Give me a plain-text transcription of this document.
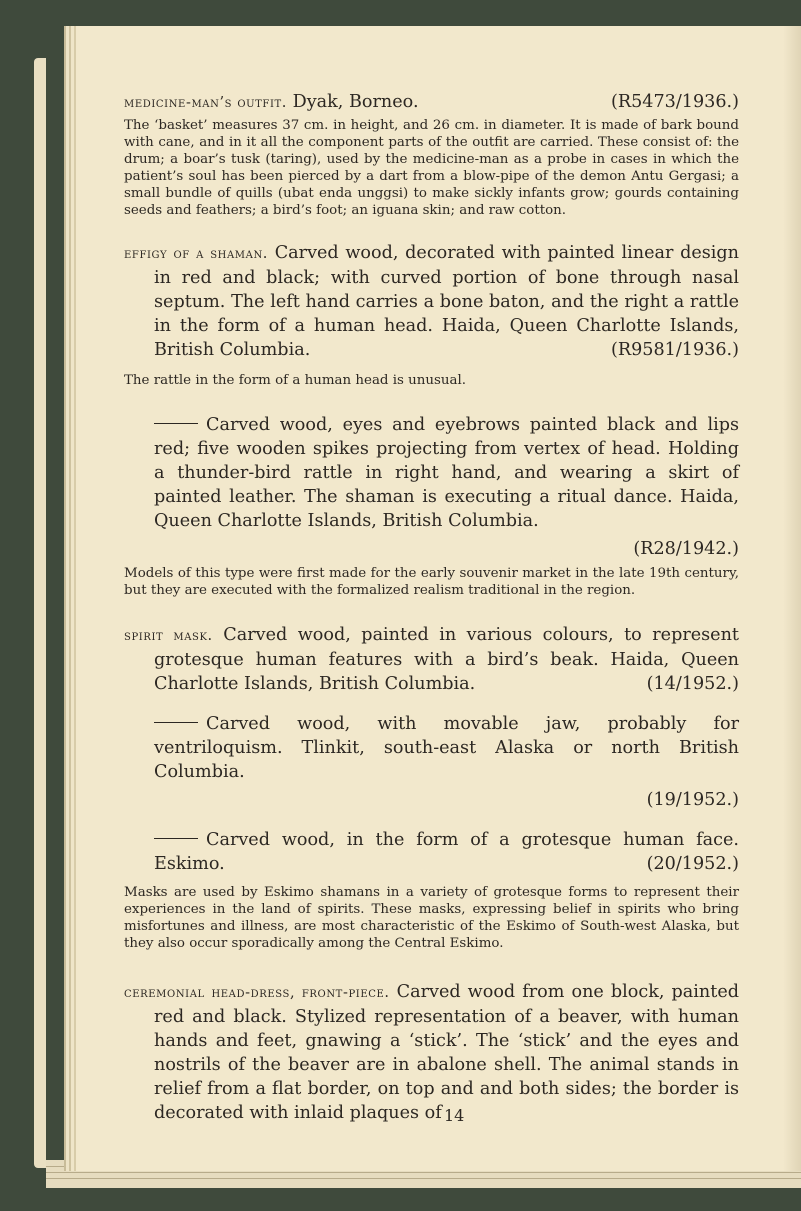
medicine-man’s outfit. Dyak, Borneo.	(R5473/1936.)

The ‘basket’ measures 37 cm. in height, and 26 cm. in diameter. It is made of bark bound with cane, and in it all the component parts of the outfit are carried. These consist of: the drum; a boar’s tusk (taring), used by the medicine-man as a probe in cases in which the patient’s soul has been pierced by a dart from a blow-pipe of the demon Antu Gergasi; a small bundle of quills (ubat enda unggsi) to make sickly infants grow; gourds containing seeds and feathers; a bird’s foot; an iguana skin; and raw cotton.

effigy of a shaman. Carved wood, decorated with painted linear design in red and black; with curved portion of bone through nasal septum. The left hand carries a bone baton, and the right a rattle in the form of a human head. Haida, Queen Charlotte Islands, British Columbia.	(R9581/1936.)

The rattle in the form of a human head is unusual.

Carved wood, eyes and eyebrows painted black and lips red; five wooden spikes projecting from vertex of head. Holding a thunder-bird rattle in right hand, and wearing a skirt of painted leather. The shaman is executing a ritual dance. Haida, Queen Charlotte Islands, British Columbia.

(R28/1942.)

Models of this type were first made for the early souvenir market in the late 19th century, but they are executed with the formalized realism traditional in the region.

spirit mask. Carved wood, painted in various colours, to represent grotesque human features with a bird’s beak. Haida, Queen Charlotte Islands, British Columbia.	(14/1952.)

Carved wood, with movable jaw, probably for ventriloquism. Tlinkit, south-east Alaska or north British Columbia.

(19/1952.)

Carved wood, in the form of a grotesque human face. Eskimo.	(20/1952.)

Masks are used by Eskimo shamans in a variety of grotesque forms to represent their experiences in the land of spirits. These masks, expressing belief in spirits who bring misfortunes and illness, are most characteristic of the Eskimo of South-west Alaska, but they also occur sporadically among the Central Eskimo.

ceremonial head-dress, front-piece. Carved wood from one block, painted red and black. Stylized representation of a beaver, with human hands and feet, gnawing a ‘stick’. The ‘stick’ and the eyes and nostrils of the beaver are in abalone shell. The animal stands in relief from a flat border, on top and and both sides; the border is decorated with inlaid plaques of 14
